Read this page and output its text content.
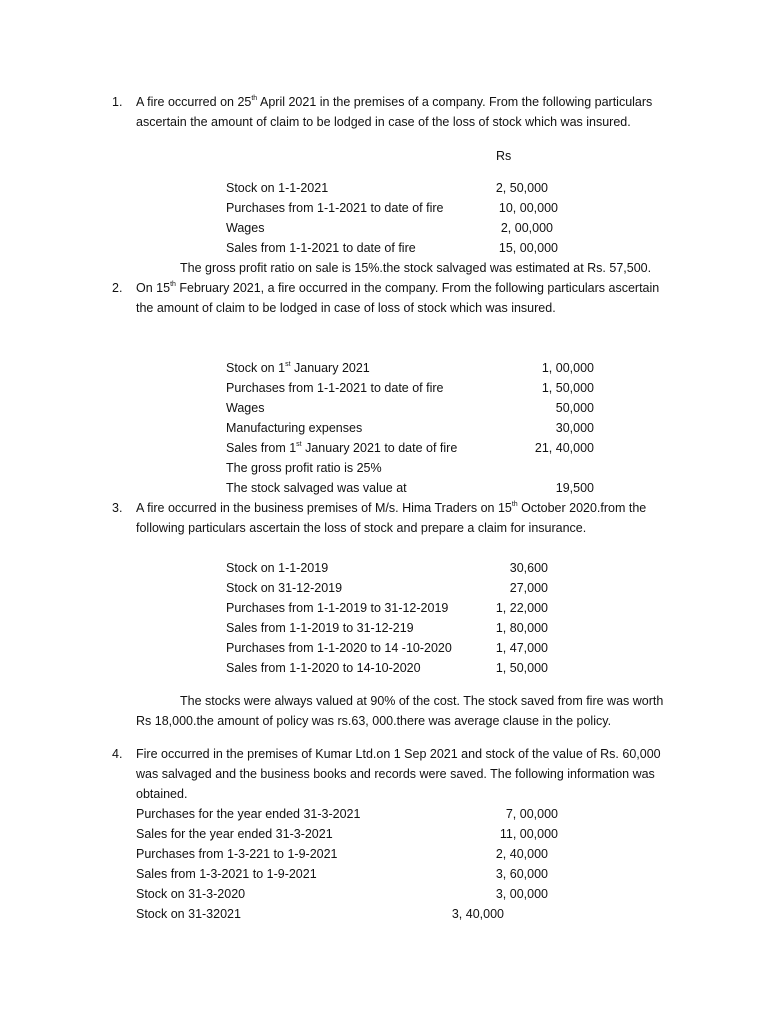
1. A fire occurred on 25th April 2021 in the premises of a company. From the following particulars
ascertain the amount of claim to be lodged in case of the loss of stock which was insured.
Rs
Stock on 1-1-2021	2, 50,000
Purchases from 1-1-2021 to date of fire	10, 00,000
Wages	2, 00,000
Sales from 1-1-2021 to date of fire	15, 00,000
The gross profit ratio on sale is 15%.the stock salvaged was estimated at Rs. 57,500.
2. On 15th February 2021, a fire occurred in the company. From the following particulars ascertain
the amount of claim to be lodged in case of loss of stock which was insured.
Stock on 1st January 2021	1, 00,000
Purchases from 1-1-2021 to date of fire	1, 50,000
Wages	50,000
Manufacturing expenses	30,000
Sales from 1st January 2021 to date of fire	21, 40,000
The gross profit ratio is 25%
The stock salvaged was value at	19,500
3. A fire occurred in the business premises of M/s. Hima Traders on 15th October 2020.from the
following particulars ascertain the loss of stock and prepare a claim for insurance.
Stock on 1-1-2019	30,600
Stock on 31-12-2019	27,000
Purchases from 1-1-2019 to 31-12-2019	1, 22,000
Sales from 1-1-2019 to 31-12-219	1, 80,000
Purchases from 1-1-2020 to 14 -10-2020	1, 47,000
Sales from 1-1-2020 to 14-10-2020	1, 50,000
The stocks were always valued at 90% of the cost. The stock saved from fire was worth
Rs 18,000.the amount of policy was rs.63, 000.there was average clause in the policy.
4. Fire occurred in the premises of Kumar Ltd.on 1 Sep 2021 and stock of the value of Rs. 60,000
was salvaged and the business books and records were saved. The following information was
obtained.
Purchases for the year ended 31-3-2021	7, 00,000
Sales for the year ended 31-3-2021	11, 00,000
Purchases from 1-3-221 to 1-9-2021	2, 40,000
Sales from 1-3-2021 to 1-9-2021	3, 60,000
Stock on 31-3-2020	3, 00,000
Stock on 31-32021	3, 40,000
